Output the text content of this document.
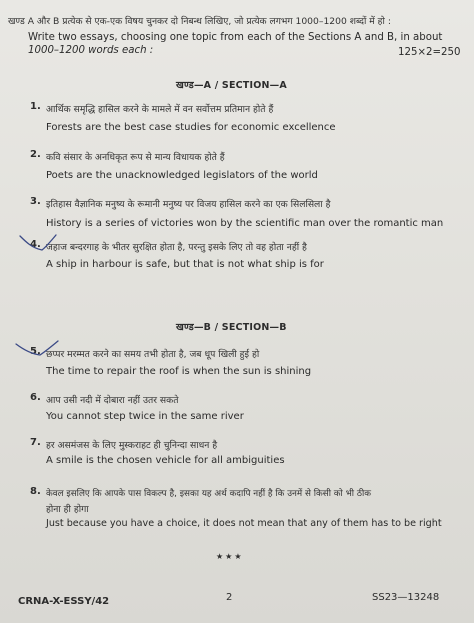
खण्ड A और B प्रत्येक से एक-एक विषय चुनकर दो निबन्ध लिखिए, जो प्रत्येक लगभग 1000–1200 शब्दों में हो :
Write two essays, choosing one topic from each of the Sections A and B, in about
1000–1200 words each :	125×2=250
खण्ड—A / SECTION—A
1. आर्थिक समृद्धि हासिल करने के मामले में वन सर्वोत्तम प्रतिमान होते हैं
Forests are the best case studies for economic excellence
2. कवि संसार के अनधिकृत रूप से मान्य विधायक होते हैं
Poets are the unacknowledged legislators of the world
3. इतिहास वैज्ञानिक मनुष्य के रूमानी मनुष्य पर विजय हासिल करने का एक सिलसिला है
History is a series of victories won by the scientific man over the romantic man
4. जहाज बन्दरगाह के भीतर सुरक्षित होता है, परन्तु इसके लिए तो वह होता नहीं है
A ship in harbour is safe, but that is not what ship is for
खण्ड—B / SECTION—B
5. छप्पर मरम्मत करने का समय तभी होता है, जब धूप खिली हुई हो
The time to repair the roof is when the sun is shining
6. आप उसी नदी में दोबारा नहीं उतर सकते
You cannot step twice in the same river
7. हर असमंजस के लिए मुस्कराहट ही चुनिन्दा साधन है
A smile is the chosen vehicle for all ambiguities
8. केवल इसलिए कि आपके पास विकल्प है, इसका यह अर्थ कदापि नहीं है कि उनमें से किसी को भी ठीक
होना ही होगा
Just because you have a choice, it does not mean that any of them has to be right
★★★
CRNA-X-ESSY/42	2	SS23—13248
